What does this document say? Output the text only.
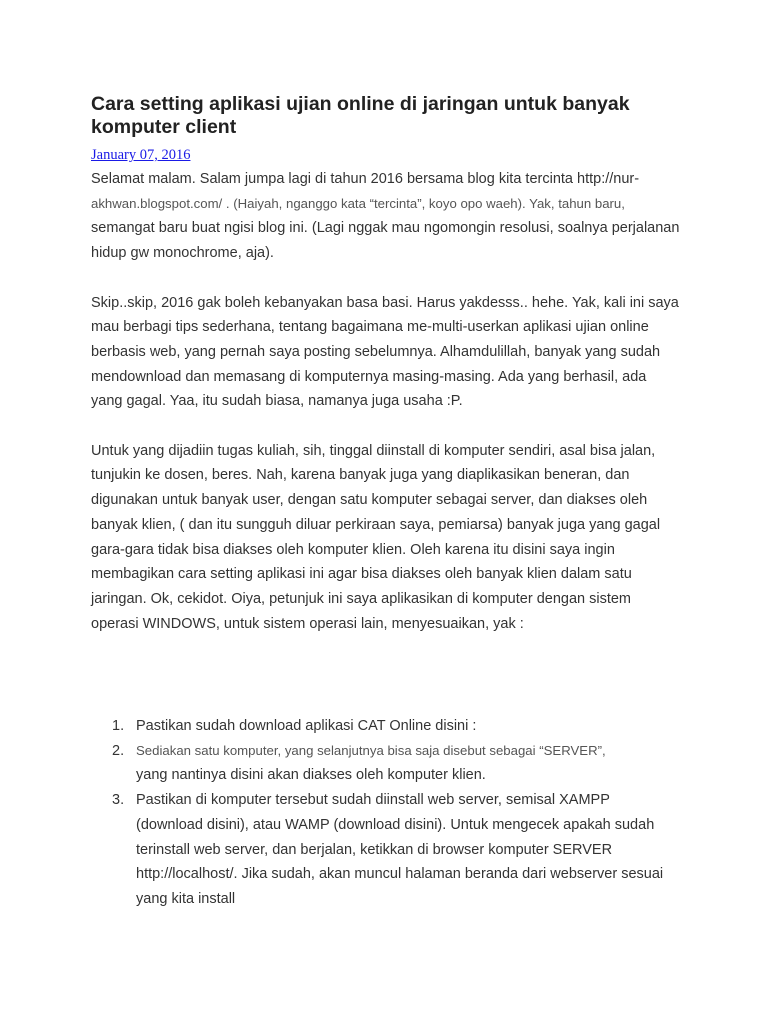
Cara setting aplikasi ujian online di jaringan untuk banyak komputer client
January 07, 2016
Selamat malam. Salam jumpa lagi di tahun 2016 bersama blog kita tercinta http://nur-
akhwan.blogspot.com/ . (Haiyah, nganggo kata “tercinta”, koyo opo waeh). Yak, tahun baru,
semangat baru buat ngisi blog ini. (Lagi nggak mau ngomongin resolusi, soalnya perjalanan
hidup gw monochrome, aja).
Skip..skip, 2016 gak boleh kebanyakan basa basi. Harus yakdesss.. hehe. Yak, kali ini saya
mau berbagi tips sederhana, tentang bagaimana me-multi-userkan aplikasi ujian online
berbasis web, yang pernah saya posting sebelumnya. Alhamdulillah, banyak yang sudah
mendownload dan memasang di komputernya masing-masing. Ada yang berhasil, ada
yang gagal. Yaa, itu sudah biasa, namanya juga usaha :P.
Untuk yang dijadiin tugas kuliah, sih, tinggal diinstall di komputer sendiri, asal bisa jalan,
tunjukin ke dosen, beres. Nah, karena banyak juga yang diaplikasikan beneran, dan
digunakan untuk banyak user, dengan satu komputer sebagai server, dan diakses oleh
banyak klien, ( dan itu sungguh diluar perkiraan saya, pemiarsa) banyak juga yang gagal
gara-gara tidak bisa diakses oleh komputer klien. Oleh karena itu disini saya ingin
membagikan cara setting aplikasi ini agar bisa diakses oleh banyak klien dalam satu
jaringan. Ok, cekidot. Oiya, petunjuk ini saya aplikasikan di komputer dengan sistem
operasi WINDOWS, untuk sistem operasi lain, menyesuaikan, yak :
1. Pastikan sudah download aplikasi CAT Online disini :
2. Sediakan satu komputer, yang selanjutnya bisa saja disebut sebagai “SERVER”,
yang nantinya disini akan diakses oleh komputer klien.
3. Pastikan di komputer tersebut sudah diinstall web server, semisal XAMPP
(download disini), atau WAMP (download disini). Untuk mengecek apakah sudah
terinstall web server, dan berjalan, ketikkan di browser komputer SERVER
http://localhost/. Jika sudah, akan muncul halaman beranda dari webserver sesuai
yang kita install
